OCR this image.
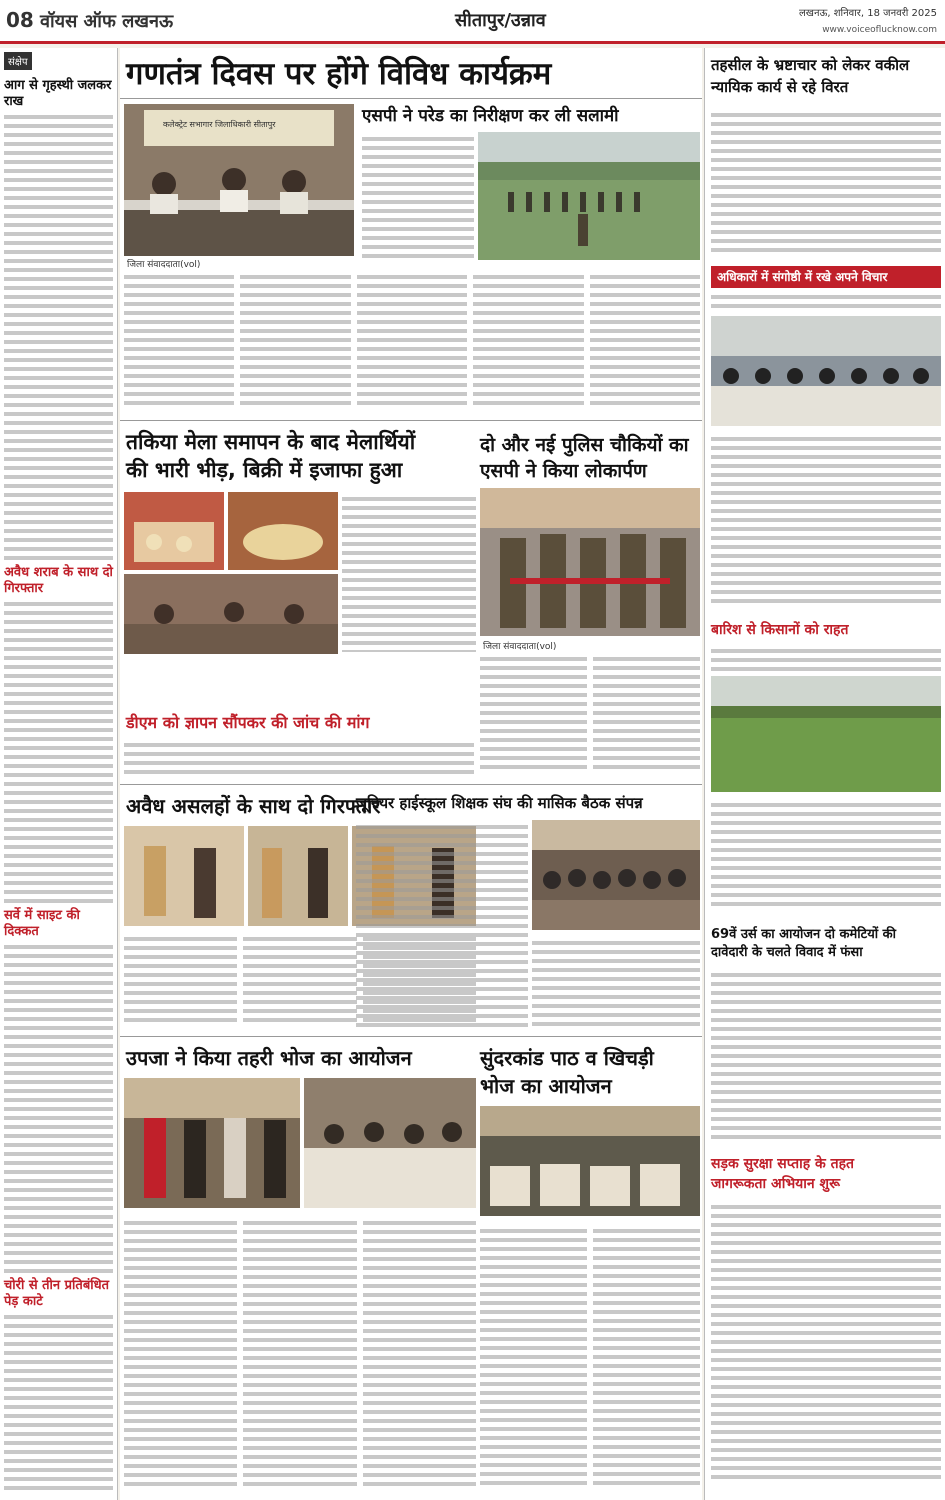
08 वॉयस ऑफ लखनऊ	सीतापुर/उन्नाव	लखनऊ, शनिवार, 18 जनवरी 2025
www.voiceoflucknow.com
संक्षेप
आग से गृहस्थी जलकर राख
अवैध शराब के साथ दो गिरफ्तार
सर्वे में साइट की दिक्कत
चोरी से तीन प्रतिबंधित पेड़ काटे
गणतंत्र दिवस पर होंगे विविध कार्यक्रम
कलेक्ट्रेट सभागार जिलाधिकारी सीतापुर
जिला संवाददाता(vol)
एसपी ने परेड का निरीक्षण कर ली सलामी
तकिया मेला समापन के बाद मेलार्थियों
की भारी भीड़, बिक्री में इजाफा हुआ
दो और नई पुलिस चौकियों का
एसपी ने किया लोकार्पण
जिला संवाददाता(vol)
डीएम को ज्ञापन सौंपकर की जांच की मांग
अवैध असलहों के साथ दो गिरफ्तार
जूनियर हाईस्कूल शिक्षक संघ की मासिक बैठक संपन्न
उपजा ने किया तहरी भोज का आयोजन	सुंदरकांड पाठ व खिचड़ी
भोज का आयोजन
तहसील के भ्रष्टाचार को लेकर वकील न्यायिक कार्य से रहे विरत
अधिकारों में संगोष्ठी में रखे अपने विचार
बारिश से किसानों को राहत
69वें उर्स का आयोजन दो कमेटियों की
दावेदारी के चलते विवाद में फंसा
सड़क सुरक्षा सप्ताह के तहत
जागरूकता अभियान शुरू
